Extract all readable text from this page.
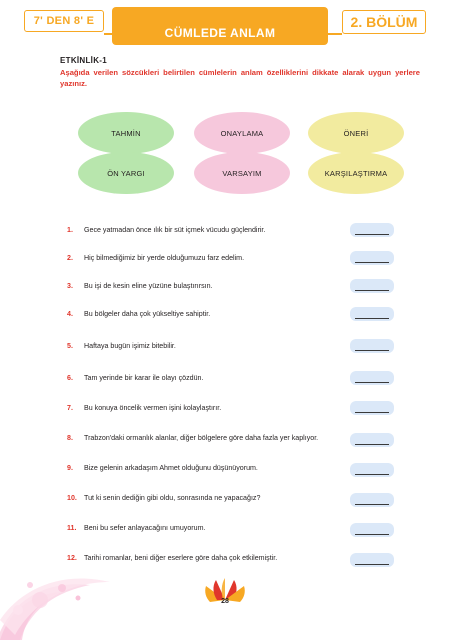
7' DEN 8' E
CÜMLEDE ANLAM
2. BÖLÜM
ETKİNLİK-1
Aşağıda verilen sözcükleri belirtilen cümlelerin anlam özelliklerini dikkate alarak uygun yerlere yazınız.
TAHMİN	ONAYLAMA	ÖNERİ
ÖN YARGI	VARSAYIM	KARŞILAŞTIRMA
1.	Gece yatmadan önce ılık bir süt içmek vücudu güçlendirir.
2.	Hiç bilmediğimiz bir yerde olduğumuzu farz edelim.
3.	Bu işi de kesin eline yüzüne bulaştırırsın.
4.	Bu bölgeler daha çok yükseltiye sahiptir.
5.	Haftaya bugün işimiz bitebilir.
6.	Tam yerinde bir karar ile olayı çözdün.
7.	Bu konuya öncelik vermen işini kolaylaştırır.
8.	Trabzon'daki ormanlık alanlar, diğer bölgelere göre daha fazla yer kaplıyor.
9.	Bize gelenin arkadaşım Ahmet olduğunu düşünüyorum.
10.	Tut ki senin dediğin gibi oldu, sonrasında ne yapacağız?
11.	Beni bu sefer anlayacağını umuyorum.
12.	Tarihi romanlar, beni diğer eserlere göre daha çok etkilemiştir.
28
